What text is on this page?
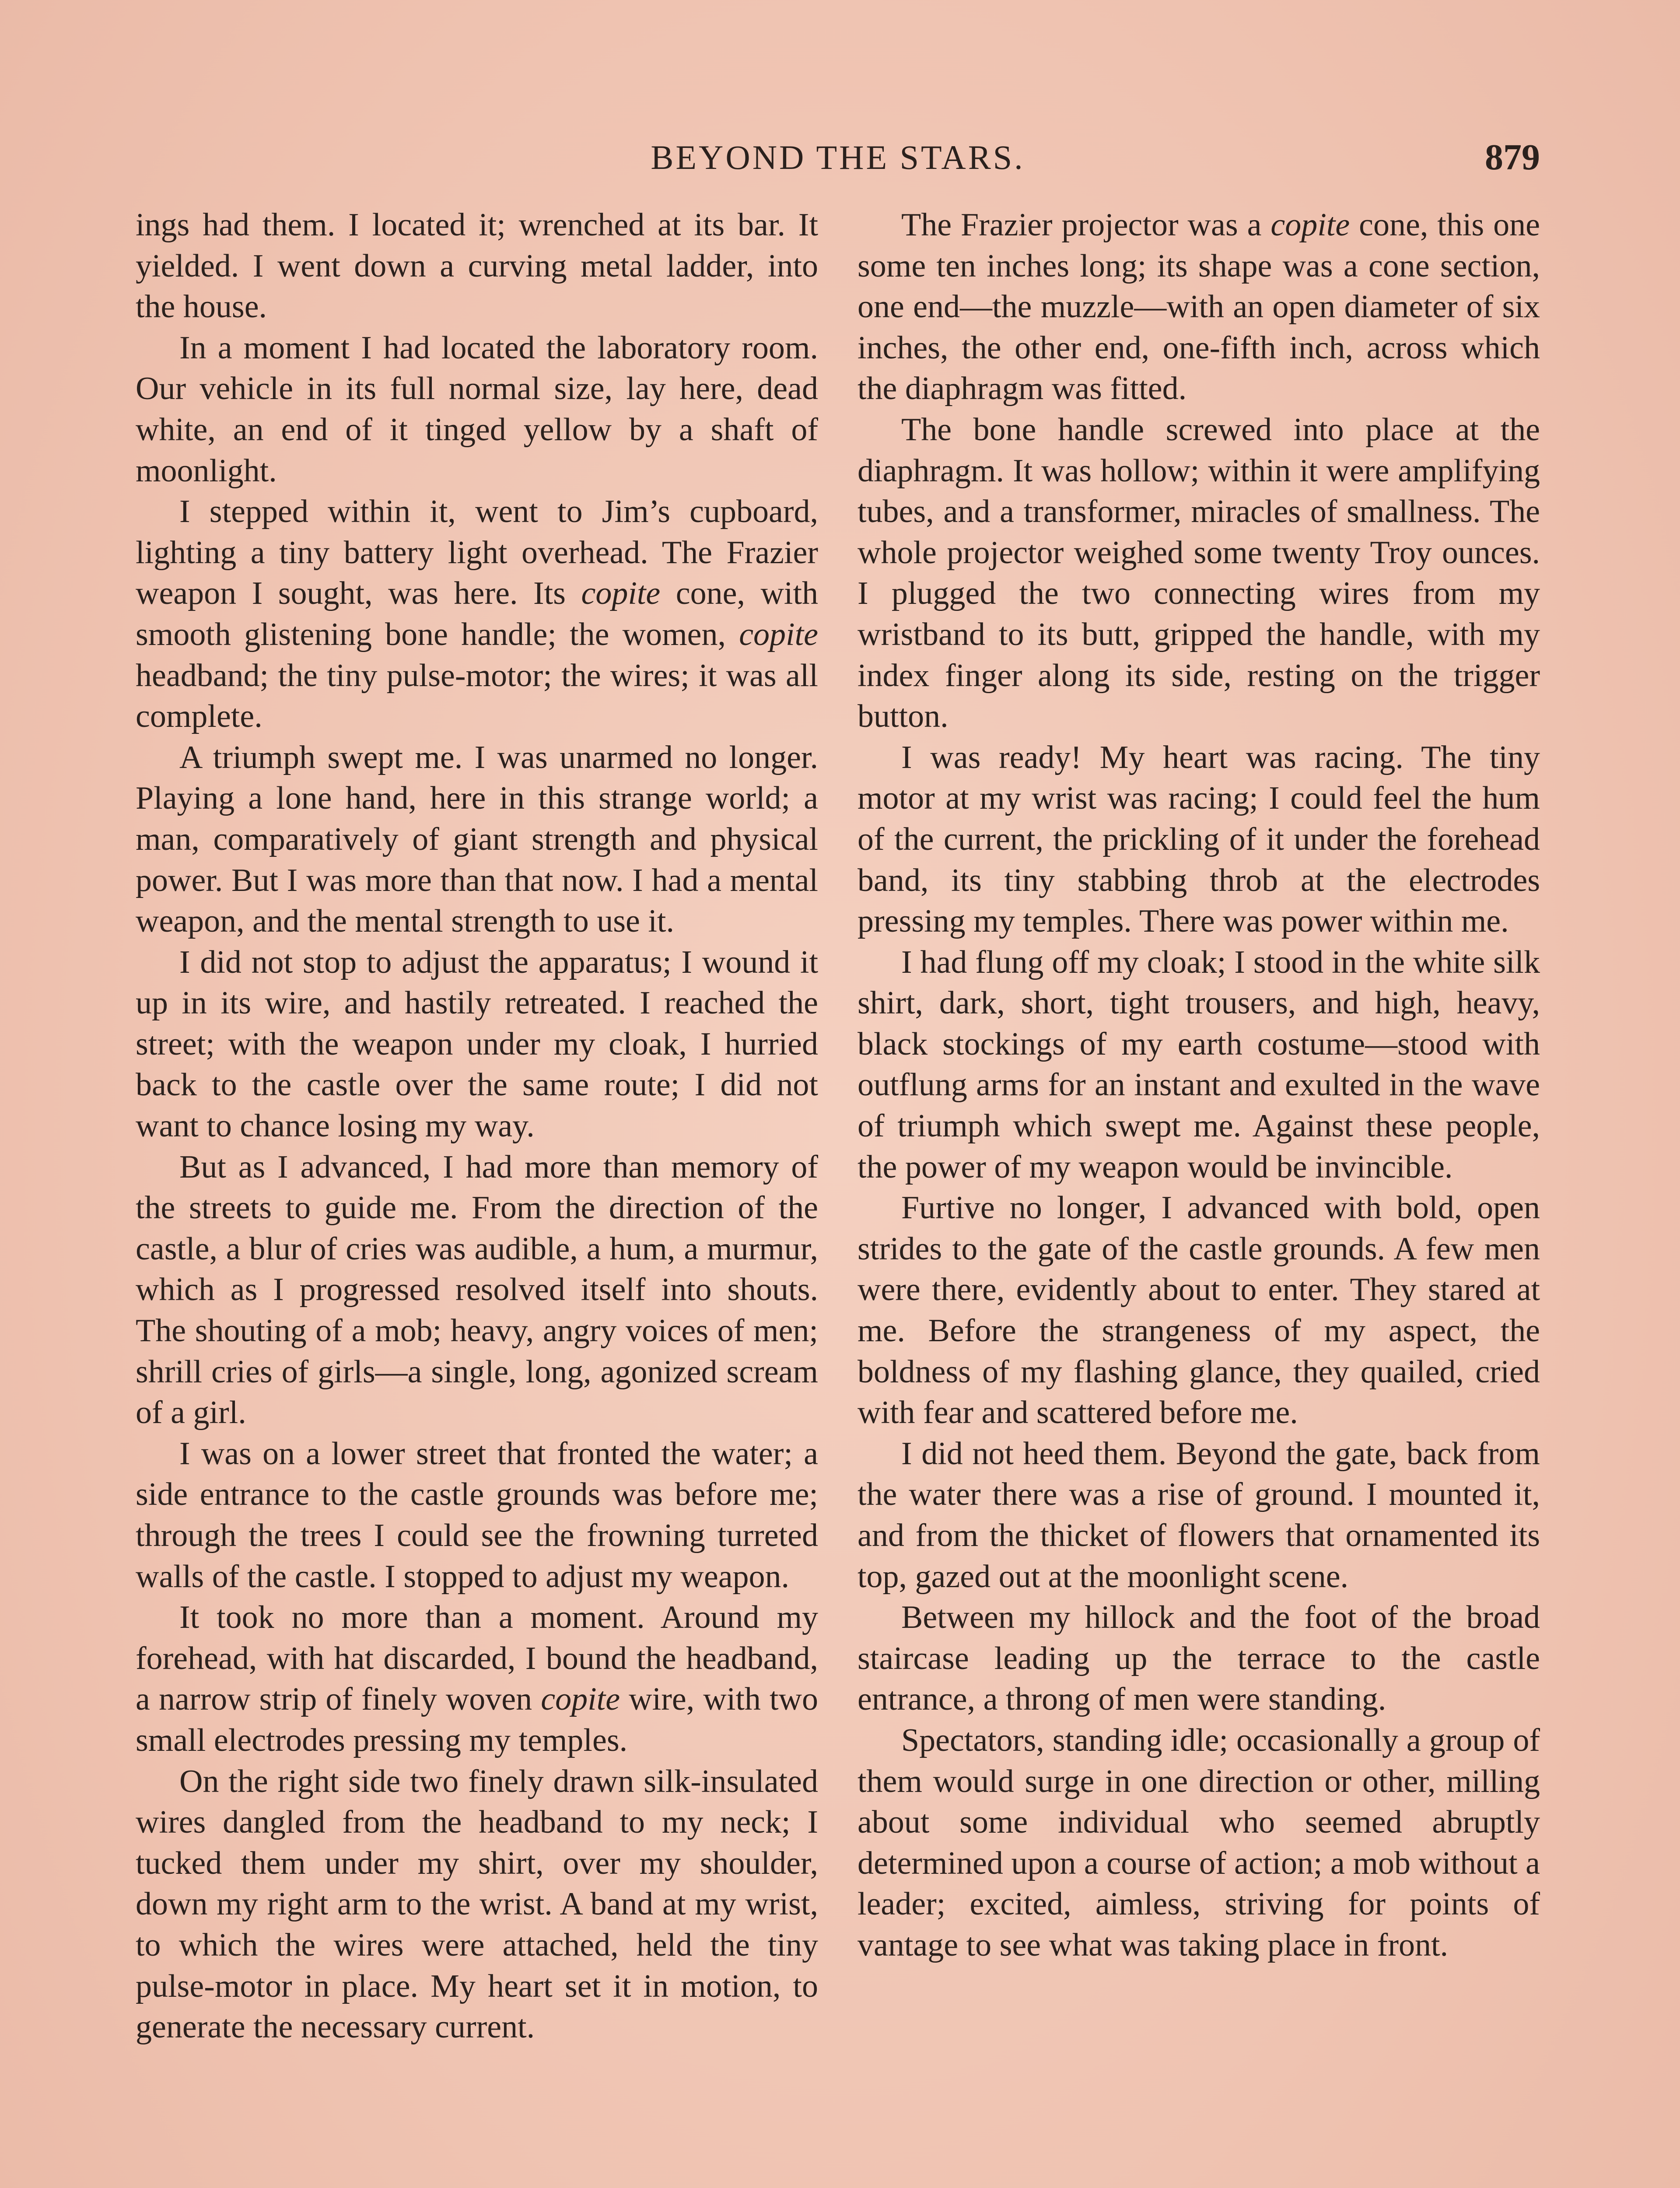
BEYOND THE STARS.	879

ings had them. I located it; wrenched at its bar. It yielded. I went down a curving metal ladder, into the house.

In a moment I had located the laboratory room. Our vehicle in its full normal size, lay here, dead white, an end of it tinged yellow by a shaft of moonlight.

I stepped within it, went to Jim’s cupboard, lighting a tiny battery light overhead. The Frazier weapon I sought, was here. Its copite cone, with smooth glistening bone handle; the women, copite headband; the tiny pulse-motor; the wires; it was all complete.

A triumph swept me. I was unarmed no longer. Playing a lone hand, here in this strange world; a man, comparatively of giant strength and physical power. But I was more than that now. I had a mental weapon, and the mental strength to use it.

I did not stop to adjust the apparatus; I wound it up in its wire, and hastily retreated. I reached the street; with the weapon under my cloak, I hurried back to the castle over the same route; I did not want to chance losing my way.

But as I advanced, I had more than memory of the streets to guide me. From the direction of the castle, a blur of cries was audible, a hum, a murmur, which as I progressed resolved itself into shouts. The shouting of a mob; heavy, angry voices of men; shrill cries of girls—a single, long, agonized scream of a girl.

I was on a lower street that fronted the water; a side entrance to the castle grounds was before me; through the trees I could see the frowning turreted walls of the castle. I stopped to adjust my weapon.

It took no more than a moment. Around my forehead, with hat discarded, I bound the headband, a narrow strip of finely woven copite wire, with two small electrodes pressing my temples.

On the right side two finely drawn silk-insulated wires dangled from the headband to my neck; I tucked them under my shirt, over my shoulder, down my right arm to the wrist. A band at my wrist, to which the wires were attached, held the tiny pulse-motor in place. My heart set it in motion, to generate the necessary current.

The Frazier projector was a copite cone, this one some ten inches long; its shape was a cone section, one end—the muzzle—with an open diameter of six inches, the other end, one-fifth inch, across which the diaphragm was fitted.

The bone handle screwed into place at the diaphragm. It was hollow; within it were amplifying tubes, and a transformer, miracles of smallness. The whole projector weighed some twenty Troy ounces. I plugged the two connecting wires from my wristband to its butt, gripped the handle, with my index finger along its side, resting on the trigger button.

I was ready! My heart was racing. The tiny motor at my wrist was racing; I could feel the hum of the current, the prickling of it under the forehead band, its tiny stabbing throb at the electrodes pressing my temples. There was power within me.

I had flung off my cloak; I stood in the white silk shirt, dark, short, tight trousers, and high, heavy, black stockings of my earth costume—stood with outflung arms for an instant and exulted in the wave of triumph which swept me. Against these people, the power of my weapon would be invincible.

Furtive no longer, I advanced with bold, open strides to the gate of the castle grounds. A few men were there, evidently about to enter. They stared at me. Before the strangeness of my aspect, the boldness of my flashing glance, they quailed, cried with fear and scattered before me.

I did not heed them. Beyond the gate, back from the water there was a rise of ground. I mounted it, and from the thicket of flowers that ornamented its top, gazed out at the moonlight scene.

Between my hillock and the foot of the broad staircase leading up the terrace to the castle entrance, a throng of men were standing.

Spectators, standing idle; occasionally a group of them would surge in one direction or other, milling about some individual who seemed abruptly determined upon a course of action; a mob without a leader; excited, aimless, striving for points of vantage to see what was taking place in front.
